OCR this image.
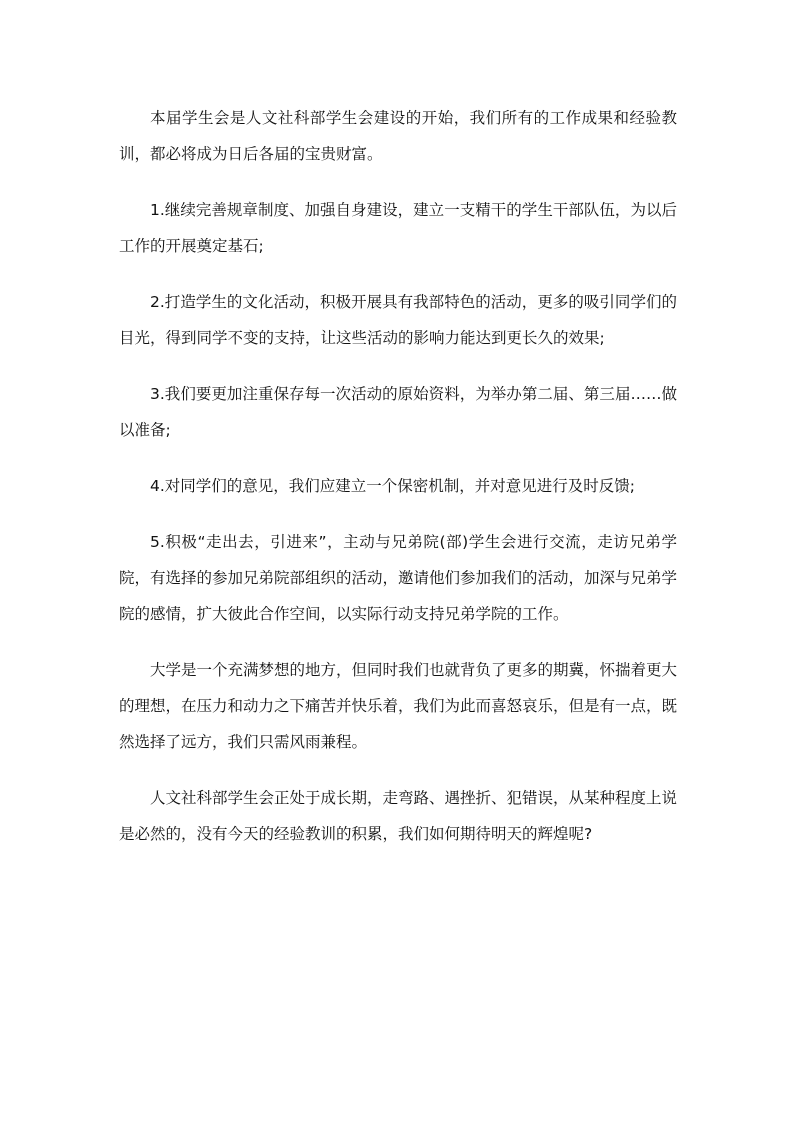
本届学生会是人文社科部学生会建设的开始，我们所有的工作成果和经验教训，都必将成为日后各届的宝贵财富。

1.继续完善规章制度、加强自身建设，建立一支精干的学生干部队伍，为以后工作的开展奠定基石;

2.打造学生的文化活动，积极开展具有我部特色的活动，更多的吸引同学们的目光，得到同学不变的支持，让这些活动的影响力能达到更长久的效果;

3.我们要更加注重保存每一次活动的原始资料，为举办第二届、第三届……做以准备;

4.对同学们的意见，我们应建立一个保密机制，并对意见进行及时反馈;

5.积极“走出去，引进来”，主动与兄弟院(部)学生会进行交流，走访兄弟学院，有选择的参加兄弟院部组织的活动，邀请他们参加我们的活动，加深与兄弟学院的感情，扩大彼此合作空间，以实际行动支持兄弟学院的工作。

大学是一个充满梦想的地方，但同时我们也就背负了更多的期冀，怀揣着更大的理想，在压力和动力之下痛苦并快乐着，我们为此而喜怒哀乐，但是有一点，既然选择了远方，我们只需风雨兼程。

人文社科部学生会正处于成长期，走弯路、遇挫折、犯错误，从某种程度上说是必然的，没有今天的经验教训的积累，我们如何期待明天的辉煌呢?
